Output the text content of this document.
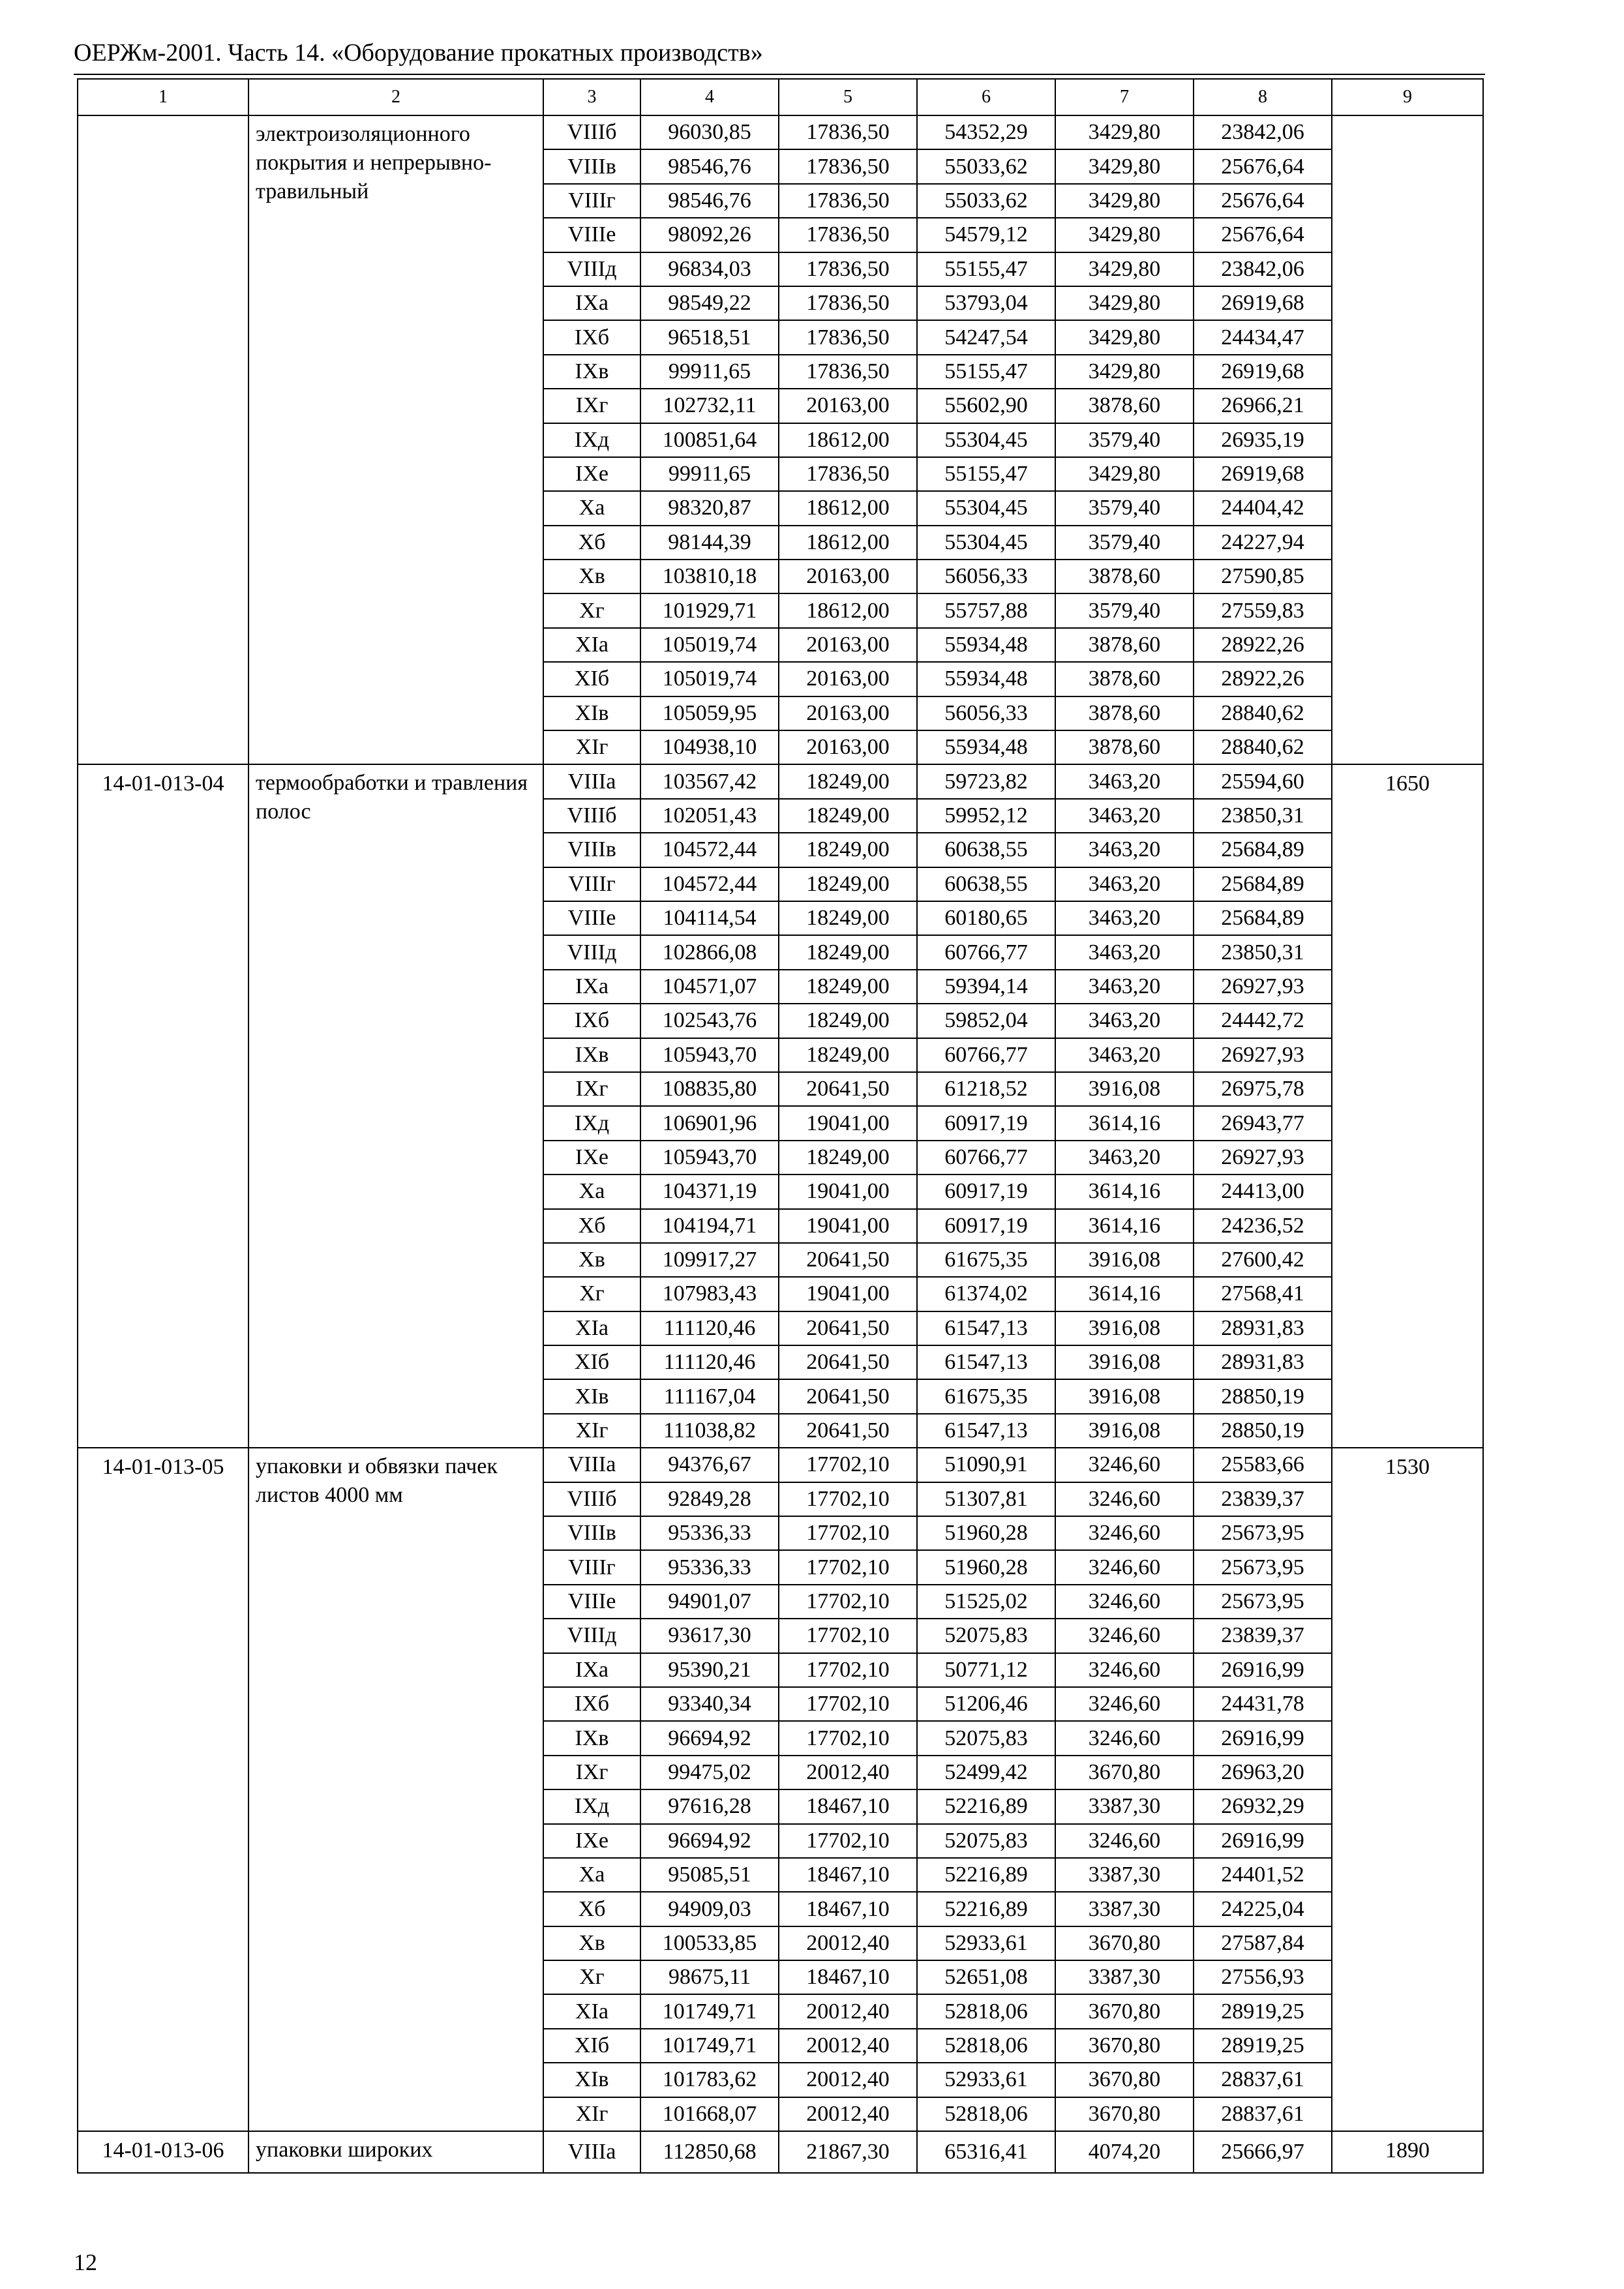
ОЕРЖм-2001. Часть 14. «Оборудование прокатных производств»
1	2	3	4	5	6	7	8	9
	электроизоляционного покрытия и непрерывно-травильный	VIIIб	96030,85	17836,50	54352,29	3429,80	23842,06	
		VIIIв	98546,76	17836,50	55033,62	3429,80	25676,64	
		VIIIг	98546,76	17836,50	55033,62	3429,80	25676,64	
		VIIIе	98092,26	17836,50	54579,12	3429,80	25676,64	
		VIIIд	96834,03	17836,50	55155,47	3429,80	23842,06	
		IXа	98549,22	17836,50	53793,04	3429,80	26919,68	
		IXб	96518,51	17836,50	54247,54	3429,80	24434,47	
		IXв	99911,65	17836,50	55155,47	3429,80	26919,68	
		IXг	102732,11	20163,00	55602,90	3878,60	26966,21	
		IXд	100851,64	18612,00	55304,45	3579,40	26935,19	
		IXе	99911,65	17836,50	55155,47	3429,80	26919,68	
		Xа	98320,87	18612,00	55304,45	3579,40	24404,42	
		Xб	98144,39	18612,00	55304,45	3579,40	24227,94	
		Xв	103810,18	20163,00	56056,33	3878,60	27590,85	
		Xг	101929,71	18612,00	55757,88	3579,40	27559,83	
		XIа	105019,74	20163,00	55934,48	3878,60	28922,26	
		XIб	105019,74	20163,00	55934,48	3878,60	28922,26	
		XIв	105059,95	20163,00	56056,33	3878,60	28840,62	
		XIг	104938,10	20163,00	55934,48	3878,60	28840,62	
14-01-013-04	термообработки и травления полос	VIIIа	103567,42	18249,00	59723,82	3463,20	25594,60	1650
		VIIIб	102051,43	18249,00	59952,12	3463,20	23850,31	
		VIIIв	104572,44	18249,00	60638,55	3463,20	25684,89	
		VIIIг	104572,44	18249,00	60638,55	3463,20	25684,89	
		VIIIе	104114,54	18249,00	60180,65	3463,20	25684,89	
		VIIIд	102866,08	18249,00	60766,77	3463,20	23850,31	
		IXа	104571,07	18249,00	59394,14	3463,20	26927,93	
		IXб	102543,76	18249,00	59852,04	3463,20	24442,72	
		IXв	105943,70	18249,00	60766,77	3463,20	26927,93	
		IXг	108835,80	20641,50	61218,52	3916,08	26975,78	
		IXд	106901,96	19041,00	60917,19	3614,16	26943,77	
		IXе	105943,70	18249,00	60766,77	3463,20	26927,93	
		Xа	104371,19	19041,00	60917,19	3614,16	24413,00	
		Xб	104194,71	19041,00	60917,19	3614,16	24236,52	
		Xв	109917,27	20641,50	61675,35	3916,08	27600,42	
		Xг	107983,43	19041,00	61374,02	3614,16	27568,41	
		XIа	111120,46	20641,50	61547,13	3916,08	28931,83	
		XIб	111120,46	20641,50	61547,13	3916,08	28931,83	
		XIв	111167,04	20641,50	61675,35	3916,08	28850,19	
		XIг	111038,82	20641,50	61547,13	3916,08	28850,19	
14-01-013-05	упаковки и обвязки пачек листов 4000 мм	VIIIа	94376,67	17702,10	51090,91	3246,60	25583,66	1530
		VIIIб	92849,28	17702,10	51307,81	3246,60	23839,37	
		VIIIв	95336,33	17702,10	51960,28	3246,60	25673,95	
		VIIIг	95336,33	17702,10	51960,28	3246,60	25673,95	
		VIIIе	94901,07	17702,10	51525,02	3246,60	25673,95	
		VIIIд	93617,30	17702,10	52075,83	3246,60	23839,37	
		IXа	95390,21	17702,10	50771,12	3246,60	26916,99	
		IXб	93340,34	17702,10	51206,46	3246,60	24431,78	
		IXв	96694,92	17702,10	52075,83	3246,60	26916,99	
		IXг	99475,02	20012,40	52499,42	3670,80	26963,20	
		IXд	97616,28	18467,10	52216,89	3387,30	26932,29	
		IXе	96694,92	17702,10	52075,83	3246,60	26916,99	
		Xа	95085,51	18467,10	52216,89	3387,30	24401,52	
		Xб	94909,03	18467,10	52216,89	3387,30	24225,04	
		Xв	100533,85	20012,40	52933,61	3670,80	27587,84	
		Xг	98675,11	18467,10	52651,08	3387,30	27556,93	
		XIа	101749,71	20012,40	52818,06	3670,80	28919,25	
		XIб	101749,71	20012,40	52818,06	3670,80	28919,25	
		XIв	101783,62	20012,40	52933,61	3670,80	28837,61	
		XIг	101668,07	20012,40	52818,06	3670,80	28837,61	
14-01-013-06	упаковки широких	VIIIа	112850,68	21867,30	65316,41	4074,20	25666,97	1890
12
